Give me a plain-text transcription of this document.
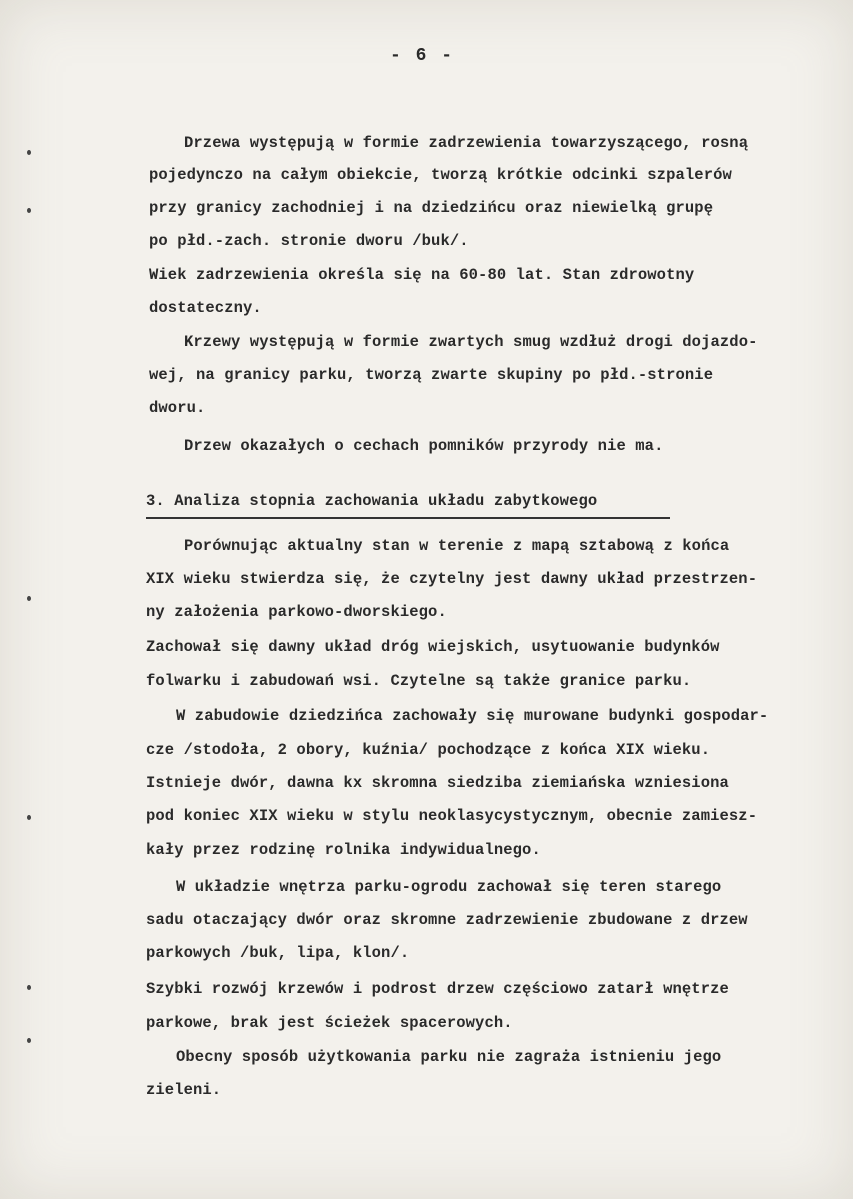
- 6 -
Drzewa występują w formie zadrzewienia towarzyszącego, rosną
pojedynczo na całym obiekcie, tworzą krótkie odcinki szpalerów
przy granicy zachodniej i na dziedzińcu oraz niewielką grupę
po płd.-zach. stronie dworu /buk/.
Wiek zadrzewienia określa się na 60-80 lat. Stan zdrowotny
dostateczny.
Krzewy występują w formie zwartych smug wzdłuż drogi dojazdo-
wej, na granicy parku, tworzą zwarte skupiny po płd.-stronie
dworu.
Drzew okazałych o cechach pomników przyrody nie ma.
3. Analiza stopnia zachowania układu zabytkowego
Porównując aktualny stan w terenie z mapą sztabową z końca
XIX wieku stwierdza się, że czytelny jest dawny układ przestrzen-
ny założenia parkowo-dworskiego.
Zachował się dawny układ dróg wiejskich, usytuowanie budynków
folwarku i zabudowań wsi. Czytelne są także granice parku.
W zabudowie dziedzińca zachowały się murowane budynki gospodar-
cze /stodoła, 2 obory, kuźnia/ pochodzące z końca XIX wieku.
Istnieje dwór, dawna kx skromna siedziba ziemiańska wzniesiona
pod koniec XIX wieku w stylu neoklasycystycznym, obecnie zamiesz-
kały przez rodzinę rolnika indywidualnego.
W układzie wnętrza parku-ogrodu zachował się teren starego
sadu otaczający dwór oraz skromne zadrzewienie zbudowane z drzew
parkowych /buk, lipa, klon/.
Szybki rozwój krzewów i podrost drzew częściowo zatarł wnętrze
parkowe, brak jest ścieżek spacerowych.
Obecny sposób użytkowania parku nie zagraża istnieniu jego
zieleni.
